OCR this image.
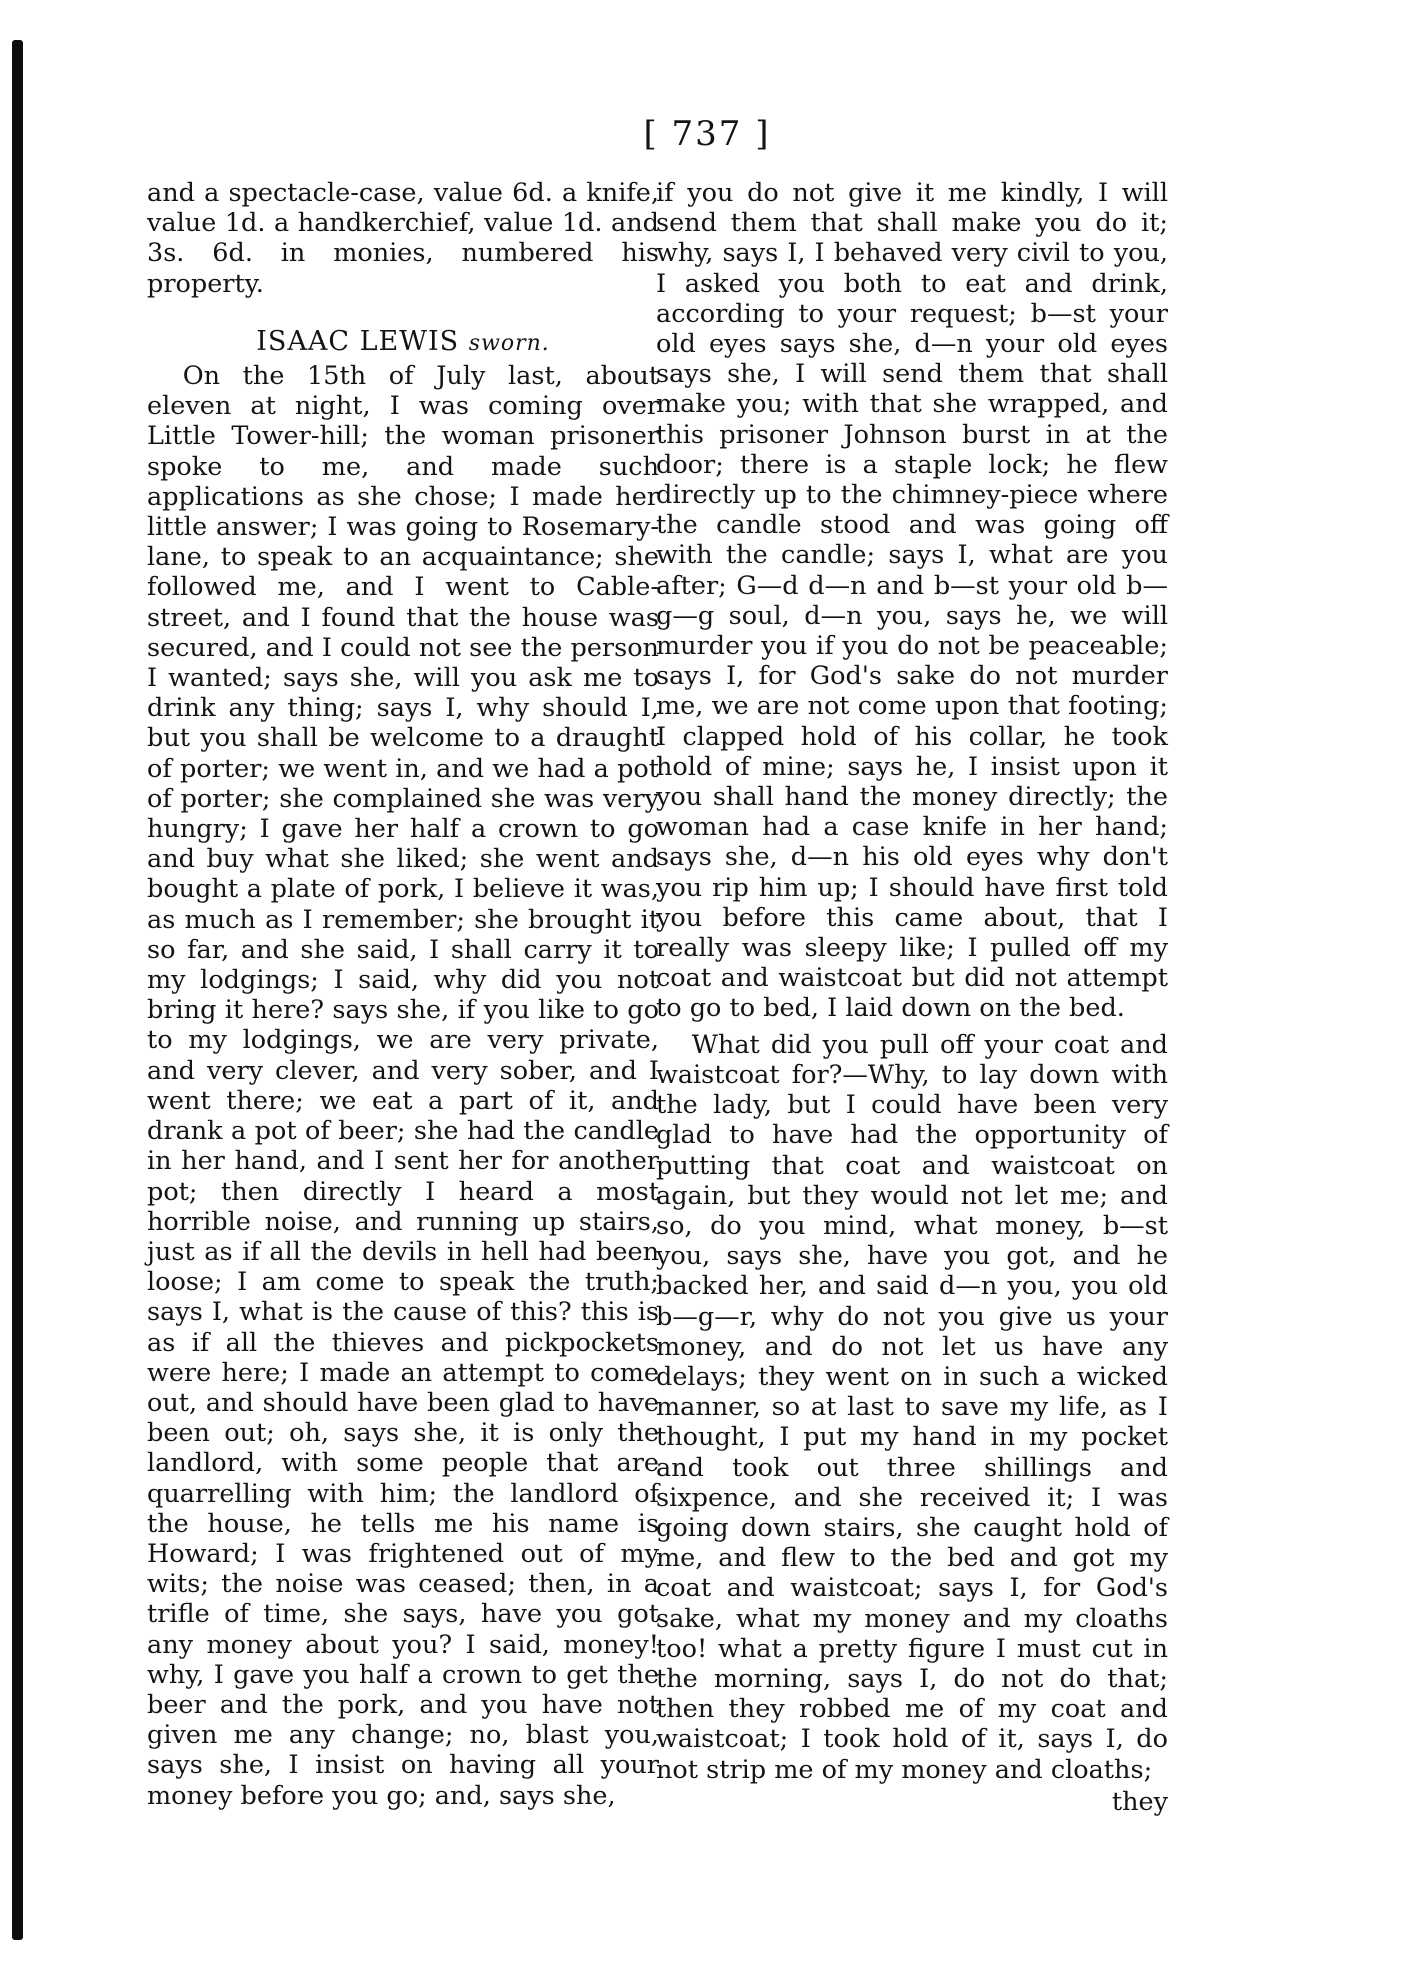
[ 737 ]

and a spectacle-case, value 6d. a knife, value 1d. a handkerchief, value 1d. and 3s. 6d. in monies, numbered his property.

ISAAC LEWIS sworn.

On the 15th of July last, about eleven at night, I was coming over Little Tower-hill; the woman prisoner spoke to me, and made such applications as she chose; I made her little answer; I was going to Rosemary-lane, to speak to an acquaintance; she followed me, and I went to Cable-street, and I found that the house was secured, and I could not see the person I wanted; says she, will you ask me to drink any thing; says I, why should I, but you shall be welcome to a draught of porter; we went in, and we had a pot of porter; she complained she was very hungry; I gave her half a crown to go and buy what she liked; she went and bought a plate of pork, I believe it was, as much as I remember; she brought it so far, and she said, I shall carry it to my lodgings; I said, why did you not bring it here? says she, if you like to go to my lodgings, we are very private, and very clever, and very sober, and I went there; we eat a part of it, and drank a pot of beer; she had the candle in her hand, and I sent her for another pot; then directly I heard a most horrible noise, and running up stairs, just as if all the devils in hell had been loose; I am come to speak the truth; says I, what is the cause of this? this is as if all the thieves and pickpockets were here; I made an attempt to come out, and should have been glad to have been out; oh, says she, it is only the landlord, with some people that are quarrelling with him; the landlord of the house, he tells me his name is Howard; I was frightened out of my wits; the noise was ceased; then, in a trifle of time, she says, have you got any money about you? I said, money! why, I gave you half a crown to get the beer and the pork, and you have not given me any change; no, blast you, says she, I insist on having all your money before you go; and, says she,

if you do not give it me kindly, I will send them that shall make you do it; why, says I, I behaved very civil to you, I asked you both to eat and drink, according to your request; b—st your old eyes says she, d—n your old eyes says she, I will send them that shall make you; with that she wrapped, and this prisoner Johnson burst in at the door; there is a staple lock; he flew directly up to the chimney-piece where the candle stood and was going off with the candle; says I, what are you after; G—d d—n and b—st your old b—g—g soul, d—n you, says he, we will murder you if you do not be peaceable; says I, for God's sake do not murder me, we are not come upon that footing; I clapped hold of his collar, he took hold of mine; says he, I insist upon it you shall hand the money directly; the woman had a case knife in her hand; says she, d—n his old eyes why don't you rip him up; I should have first told you before this came about, that I really was sleepy like; I pulled off my coat and waistcoat but did not attempt to go to bed, I laid down on the bed.

What did you pull off your coat and waistcoat for?—Why, to lay down with the lady, but I could have been very glad to have had the opportunity of putting that coat and waistcoat on again, but they would not let me; and so, do you mind, what money, b—st you, says she, have you got, and he backed her, and said d—n you, you old b—g—r, why do not you give us your money, and do not let us have any delays; they went on in such a wicked manner, so at last to save my life, as I thought, I put my hand in my pocket and took out three shillings and sixpence, and she received it; I was going down stairs, she caught hold of me, and flew to the bed and got my coat and waistcoat; says I, for God's sake, what my money and my cloaths too! what a pretty figure I must cut in the morning, says I, do not do that; then they robbed me of my coat and waistcoat; I took hold of it, says I, do not strip me of my money and cloaths;

they
